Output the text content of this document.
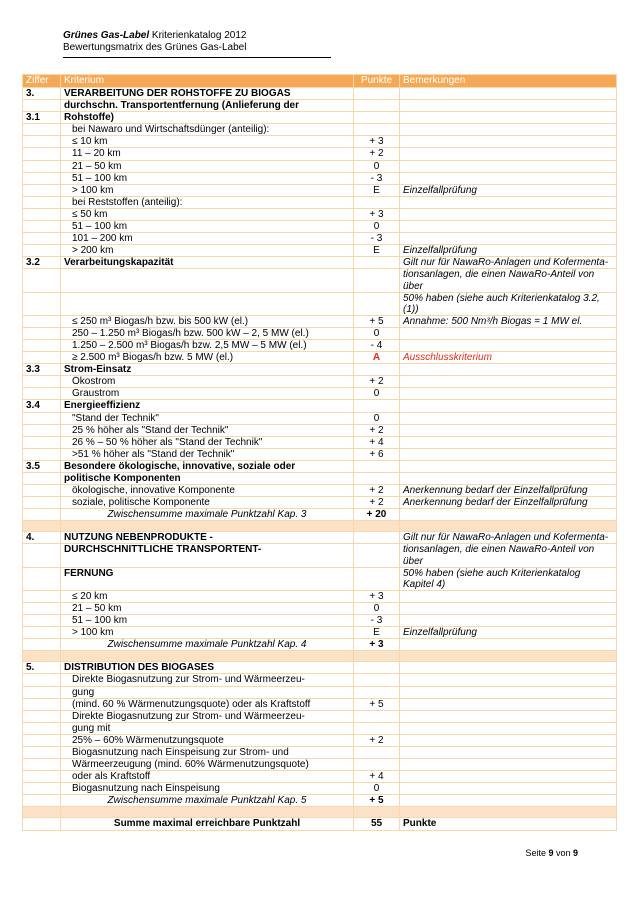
Grünes Gas-Label Kriterienkatalog 2012
Bewertungsmatrix des Grünes Gas-Label
Ziffer	Kriterium	Punkte	Bemerkungen
3.	VERARBEITUNG DER ROHSTOFFE ZU BIOGAS		
	durchschn. Transportentfernung (Anlieferung der		
3.1	Rohstoffe)		
	bei Nawaro und Wirtschaftsdünger (anteilig):		
	≤ 10 km	+ 3	
	11 – 20 km	+ 2	
	21 – 50 km	0	
	51 – 100 km	- 3	
	> 100 km	E	Einzelfallprüfung
	bei Reststoffen (anteilig):		
	≤ 50 km	+ 3	
	51 – 100 km	0	
	101 – 200 km	- 3	
	> 200 km	E	Einzelfallprüfung
3.2	Verarbeitungskapazität		Gilt nur für NawaRo-Anlagen und Kofermenta-
			tionsanlagen, die einen NawaRo-Anteil von über
			50% haben (siehe auch Kriterienkatalog 3.2, (1))
	≤ 250 m³ Biogas/h bzw. bis 500 kW (el.)	+ 5	Annahme: 500 Nm³/h Biogas = 1 MW el.
	250 – 1.250 m³ Biogas/h bzw. 500 kW – 2, 5 MW (el.)	0	
	1.250 – 2.500 m³ Biogas/h bzw. 2,5 MW – 5 MW (el.)	- 4	
	≥ 2.500 m³ Biogas/h bzw. 5 MW (el.)	A	Ausschlusskriterium
3.3	Strom-Einsatz		
	Ökostrom	+ 2	
	Graustrom	0	
3.4	Energieeffizienz		
	"Stand der Technik"	0	
	25 % höher als "Stand der Technik"	+ 2	
	26 % – 50 % höher als "Stand der Technik"	+ 4	
	>51 % höher als "Stand der Technik"	+ 6	
3.5	Besondere ökologische, innovative, soziale oder		
	politische Komponenten		
	ökologische, innovative Komponente	+ 2	Anerkennung bedarf der Einzelfallprüfung
	soziale, politische Komponente	+ 2	Anerkennung bedarf der Einzelfallprüfung
	Zwischensumme maximale Punktzahl Kap. 3	+ 20	

4.	NUTZUNG NEBENPRODUKTE -		Gilt nur für NawaRo-Anlagen und Kofermenta-
	DURCHSCHNITTLICHE TRANSPORTENT-		tionsanlagen, die einen NawaRo-Anteil von über
	FERNUNG		50% haben (siehe auch Kriterienkatalog Kapitel 4)
	≤ 20 km	+ 3	
	21 – 50 km	0	
	51 – 100 km	- 3	
	> 100 km	E	Einzelfallprüfung
	Zwischensumme maximale Punktzahl Kap. 4	+ 3	

5.	DISTRIBUTION DES BIOGASES		
	Direkte Biogasnutzung zur Strom- und Wärmeerzeu-		
	gung		
	(mind. 60 % Wärmenutzungsquote) oder als Kraftstoff	+ 5	
	Direkte Biogasnutzung zur Strom- und Wärmeerzeu-		
	gung mit		
	25% – 60% Wärmenutzungsquote	+ 2	
	Biogasnutzung nach Einspeisung zur Strom- und		
	Wärmeerzeugung (mind. 60% Wärmenutzungsquote)		
	oder als Kraftstoff	+ 4	
	Biogasnutzung nach Einspeisung	0	
	Zwischensumme maximale Punktzahl Kap. 5	+ 5	

	Summe maximal erreichbare Punktzahl	55	Punkte
Seite 9 von 9
